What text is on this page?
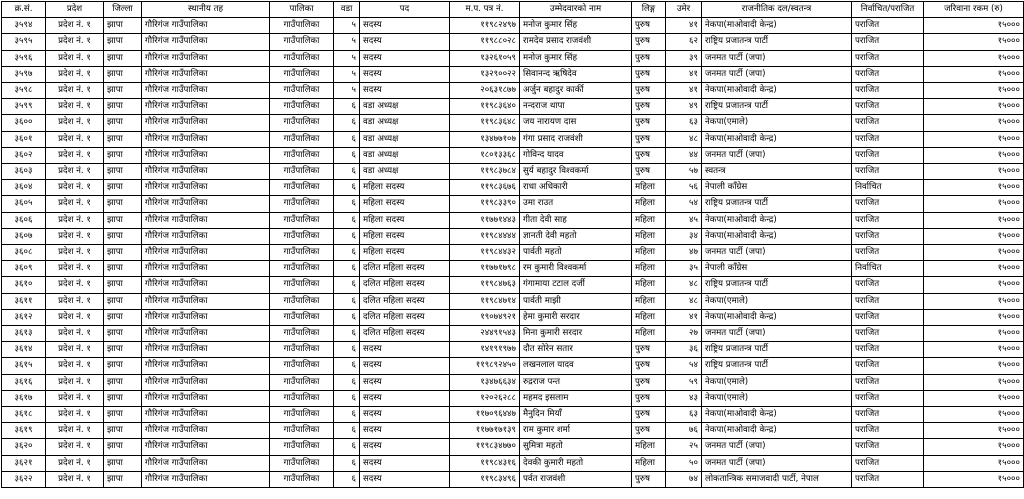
क्र.सं.	प्रदेश	जिल्ला	स्थानीय तह	पालिका	वडा	पद	म.प. पत्र नं.	उम्मेदवारको नाम	लिङ्ग	उमेर	राजनीतिक दल/स्वतन्त्र	निर्वाचित/पराजित	जरिवाना रकम (रु)
३५९४	प्रदेश नं. १	झापा	गौरिगंज गाउँपालिका	गाउँपालिका	५	सदस्य	११९८२४९७	मनोज कुमार सिंह	पुरुष	४१	नेकपा(माओवादी केन्द्र)	पराजित	१५०००
३५९५	प्रदेश नं. १	झापा	गौरिगंज गाउँपालिका	गाउँपालिका	५	सदस्य	११९८८०२८	रामदेव प्रसाद राजवंशी	पुरुष	६२	राष्ट्रिय प्रजातन्त्र पार्टी	पराजित	१५०००
३५९६	प्रदेश नं. १	झापा	गौरिगंज गाउँपालिका	गाउँपालिका	५	सदस्य	१३२६१०५९	मनोज कुमार सिंह	पुरुष	३९	जनमत पार्टी (जपा)	पराजित	१५०००
३५९७	प्रदेश नं. १	झापा	गौरिगंज गाउँपालिका	गाउँपालिका	५	सदस्य	१३२९००२२	सिवानन्द ऋषिदेव	पुरुष	४१	जनमत पार्टी (जपा)	पराजित	१५०००
३५९८	प्रदेश नं. १	झापा	गौरिगंज गाउँपालिका	गाउँपालिका	५	सदस्य	२०६३१८७७	अर्जुन बहादुर कार्की	पुरुष	४१	नेकपा(माओवादी केन्द्र)	पराजित	१५०००
३५९९	प्रदेश नं. १	झापा	गौरिगंज गाउँपालिका	गाउँपालिका	६	वडा अध्यक्ष	११९८३६४०	नन्दराज थापा	पुरुष	४९	राष्ट्रिय प्रजातन्त्र पार्टी	पराजित	१५०००
३६००	प्रदेश नं. १	झापा	गौरिगंज गाउँपालिका	गाउँपालिका	६	वडा अध्यक्ष	११९८३६४८	जय नारायण दास	पुरुष	६३	नेकपा(एमाले)	पराजित	१५०००
३६०१	प्रदेश नं. १	झापा	गौरिगंज गाउँपालिका	गाउँपालिका	६	वडा अध्यक्ष	१३४७७१०७	गंगा प्रसाद राजवंशी	पुरुष	४८	नेकपा(माओवादी केन्द्र)	पराजित	१५०००
३६०२	प्रदेश नं. १	झापा	गौरिगंज गाउँपालिका	गाउँपालिका	६	वडा अध्यक्ष	१८०१३३६८	गोविन्द यादव	पुरुष	४४	जनमत पार्टी (जपा)	पराजित	१५०००
३६०३	प्रदेश नं. १	झापा	गौरिगंज गाउँपालिका	गाउँपालिका	६	वडा अध्यक्ष	११९८३७८४	सुर्य बहादुर विश्वकर्मा	पुरुष	५७	स्वतन्त्र	पराजित	१५०००
३६०४	प्रदेश नं. १	झापा	गौरिगंज गाउँपालिका	गाउँपालिका	६	महिला सदस्य	११९८३६७६	राधा अधिकारी	महिला	५६	नेपाली काँग्रेस	निर्वाचित	१५०००
३६०५	प्रदेश नं. १	झापा	गौरिगंज गाउँपालिका	गाउँपालिका	६	महिला सदस्य	११९८३३९०	उमा राउत	महिला	५४	राष्ट्रिय प्रजातन्त्र पार्टी	पराजित	१५०००
३६०६	प्रदेश नं. १	झापा	गौरिगंज गाउँपालिका	गाउँपालिका	६	महिला सदस्य	११७७१४४३	गीता देवी साह	महिला	४५	नेकपा(माओवादी केन्द्र)	पराजित	१५०००
३६०७	प्रदेश नं. १	झापा	गौरिगंज गाउँपालिका	गाउँपालिका	६	महिला सदस्य	११९८४४४४	ज्ञानती देवी महतो	महिला	३४	नेकपा(माओवादी केन्द्र)	पराजित	१५०००
३६०८	प्रदेश नं. १	झापा	गौरिगंज गाउँपालिका	गाउँपालिका	६	महिला सदस्य	११९८४४३२	पार्वती महतो	महिला	४७	जनमत पार्टी (जपा)	पराजित	१५०००
३६०९	प्रदेश नं. १	झापा	गौरिगंज गाउँपालिका	गाउँपालिका	६	दलित महिला सदस्य	११७७१७९८	रम कुमारी विश्वकर्मा	महिला	३५	नेपाली काँग्रेस	निर्वाचित	१५०००
३६१०	प्रदेश नं. १	झापा	गौरिगंज गाउँपालिका	गाउँपालिका	६	दलित महिला सदस्य	११९८४७६३	गंगामाया टटाल दर्जी	महिला	४८	राष्ट्रिय प्रजातन्त्र पार्टी	पराजित	१५०००
३६११	प्रदेश नं. १	झापा	गौरिगंज गाउँपालिका	गाउँपालिका	६	दलित महिला सदस्य	११९८४७१४	पार्वती माझी	महिला	४८	नेकपा(एमाले)	पराजित	१५०००
३६१२	प्रदेश नं. १	झापा	गौरिगंज गाउँपालिका	गाउँपालिका	६	दलित महिला सदस्य	१९०७४९२१	हेमा कुमारी सरदार	महिला	४१	नेकपा(माओवादी केन्द्र)	पराजित	१५०००
३६१३	प्रदेश नं. १	झापा	गौरिगंज गाउँपालिका	गाउँपालिका	६	दलित महिला सदस्य	२४४९१५४३	मिना कुमारी सरदार	महिला	२७	जनमत पार्टी (जपा)	पराजित	१५०००
३६१४	प्रदेश नं. १	झापा	गौरिगंज गाउँपालिका	गाउँपालिका	६	सदस्य	१४१९१९७७	दौत सोरेन सतार	पुरुष	३६	राष्ट्रिय प्रजातन्त्र पार्टी	पराजित	१५०००
३६१५	प्रदेश नं. १	झापा	गौरिगंज गाउँपालिका	गाउँपालिका	६	सदस्य	११९८९२४५०	लखनलाल यादव	पुरुष	५४	राष्ट्रिय प्रजातन्त्र पार्टी	पराजित	१५०००
३६१६	प्रदेश नं. १	झापा	गौरिगंज गाउँपालिका	गाउँपालिका	६	सदस्य	१३४७६६३४	रुद्रराज पन्त	पुरुष	५९	नेकपा(एमाले)	पराजित	१५०००
३६१७	प्रदेश नं. १	झापा	गौरिगंज गाउँपालिका	गाउँपालिका	६	सदस्य	१२०२६२८८	महमद इसलाम	पुरुष	४३	नेकपा(एमाले)	पराजित	१५०००
३६१८	प्रदेश नं. १	झापा	गौरिगंज गाउँपालिका	गाउँपालिका	६	सदस्य	११७०९६४४७	मैनुदिन मियाँ	पुरुष	६३	नेकपा(माओवादी केन्द्र)	पराजित	१५०००
३६१९	प्रदेश नं. १	झापा	गौरिगंज गाउँपालिका	गाउँपालिका	६	सदस्य	११७७१७१३९	राम कुमार शर्मा	पुरुष	७६	नेकपा(माओवादी केन्द्र)	पराजित	१५०००
३६२०	प्रदेश नं. १	झापा	गौरिगंज गाउँपालिका	गाउँपालिका	६	सदस्य	११९८३४७७०	सुमित्रा महतो	महिला	२५	जनमत पार्टी (जपा)	पराजित	१५०००
३६२१	प्रदेश नं. १	झापा	गौरिगंज गाउँपालिका	गाउँपालिका	६	सदस्य	११९८४३१६	देवकी कुमारी महतो	महिला	५०	जनमत पार्टी (जपा)	पराजित	१५०००
३६२२	प्रदेश नं. १	झापा	गौरिगंज गाउँपालिका	गाउँपालिका	६	सदस्य	११९८३४९६	पर्वत राजवंशी	पुरुष	७४	लोकतान्त्रिक समाजवादी पार्टी, नेपाल	पराजित	१५०००
